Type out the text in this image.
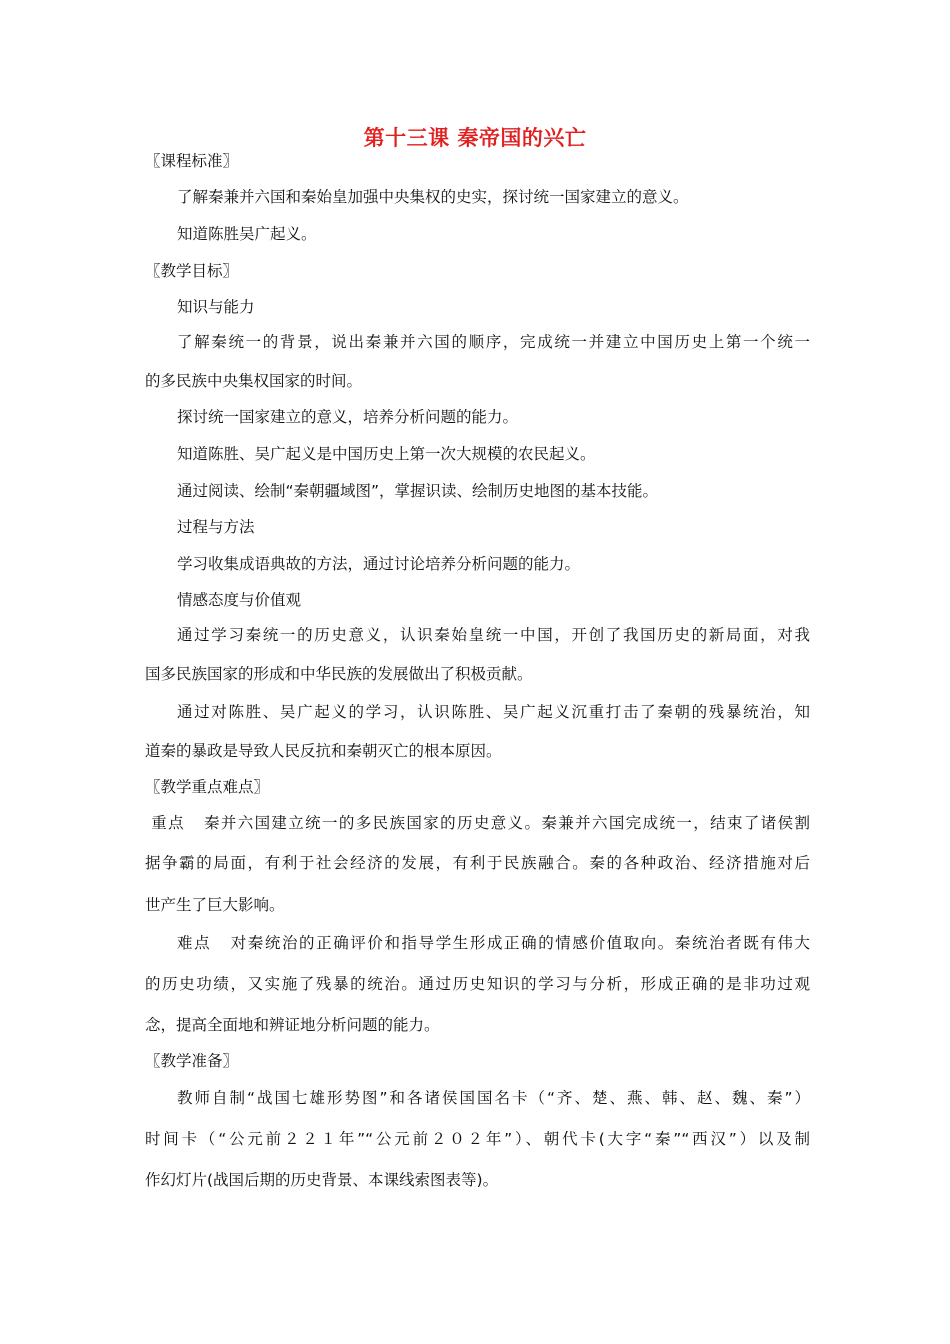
第十三课 秦帝国的兴亡
〖课程标准〗
了解秦兼并六国和秦始皇加强中央集权的史实，探讨统一国家建立的意义。
知道陈胜吴广起义。
〖教学目标〗
知识与能力
了解秦统一的背景，说出秦兼并六国的顺序，完成统一并建立中国历史上第一个统一
的多民族中央集权国家的时间。
探讨统一国家建立的意义，培养分析问题的能力。
知道陈胜、吴广起义是中国历史上第一次大规模的农民起义。
通过阅读、绘制“秦朝疆域图”，掌握识读、绘制历史地图的基本技能。
过程与方法
学习收集成语典故的方法，通过讨论培养分析问题的能力。
情感态度与价值观
通过学习秦统一的历史意义，认识秦始皇统一中国，开创了我国历史的新局面，对我
国多民族国家的形成和中华民族的发展做出了积极贡献。
通过对陈胜、吴广起义的学习，认识陈胜、吴广起义沉重打击了秦朝的残暴统治，知
道秦的暴政是导致人民反抗和秦朝灭亡的根本原因。
〖教学重点难点〗
重点   秦并六国建立统一的多民族国家的历史意义。秦兼并六国完成统一，结束了诸侯割
据争霸的局面，有利于社会经济的发展，有利于民族融合。秦的各种政治、经济措施对后
世产生了巨大影响。
难点   对秦统治的正确评价和指导学生形成正确的情感价值取向。秦统治者既有伟大
的历史功绩，又实施了残暴的统治。通过历史知识的学习与分析，形成正确的是非功过观
念，提高全面地和辨证地分析问题的能力。
〖教学准备〗
教师自制“战国七雄形势图”和各诸侯国国名卡（“齐、楚、燕、韩、赵、魏、秦”）
时间卡（“公元前２２１年”“公元前２０２年”）、朝代卡(大字“秦”“西汉”）以及制
作幻灯片(战国后期的历史背景、本课线索图表等)。
